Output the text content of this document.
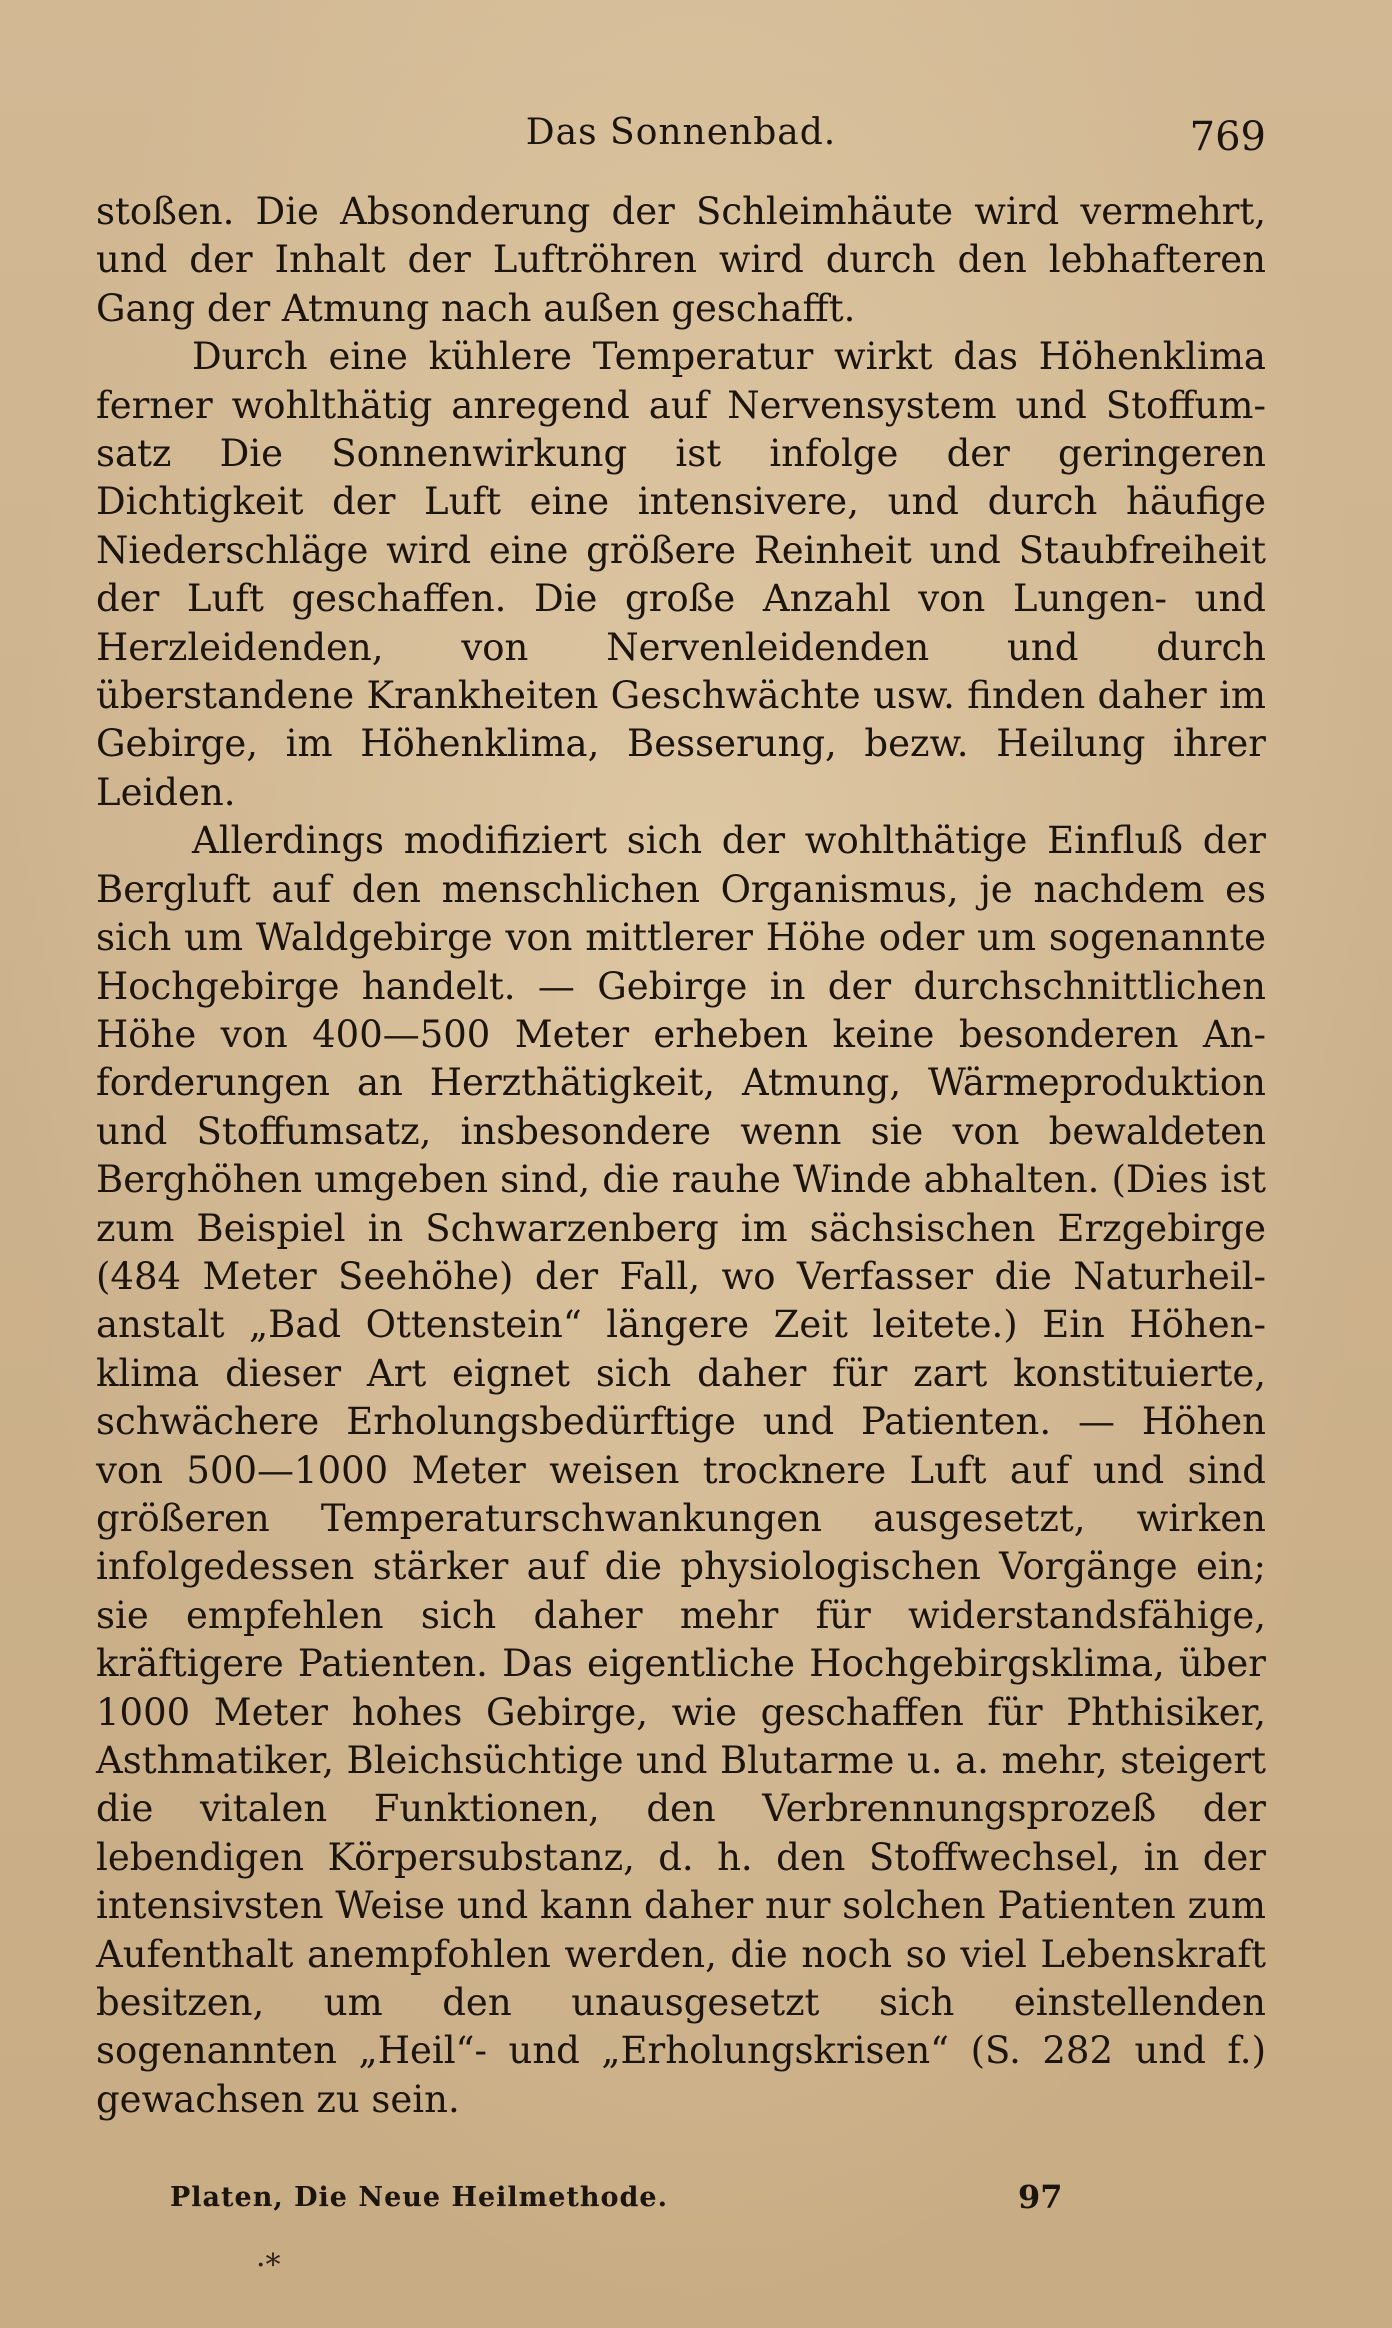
Das Sonnenbad.	769

stoßen. Die Absonderung der Schleimhäute wird vermehrt, und der Inhalt der Luftröhren wird durch den lebhafteren Gang der Atmung nach außen geschafft.

Durch eine kühlere Temperatur wirkt das Höhenklima ferner wohlthätig anregend auf Nervensystem und Stoffumsatz Die Sonnenwirkung ist infolge der geringeren Dichtigkeit der Luft eine intensivere, und durch häufige Niederschläge wird eine größere Reinheit und Staubfreiheit der Luft geschaffen. Die große Anzahl von Lungen- und Herzleidenden, von Nervenleidenden und durch überstandene Krankheiten Geschwächte usw. finden daher im Gebirge, im Höhenklima, Besserung, bezw. Heilung ihrer Leiden.

Allerdings modifiziert sich der wohlthätige Einfluß der Bergluft auf den menschlichen Organismus, je nachdem es sich um Waldgebirge von mittlerer Höhe oder um sogenannte Hochgebirge handelt. — Gebirge in der durchschnittlichen Höhe von 400—500 Meter erheben keine besonderen Anforderungen an Herzthätigkeit, Atmung, Wärmeproduktion und Stoffumsatz, insbesondere wenn sie von bewaldeten Berghöhen umgeben sind, die rauhe Winde abhalten. (Dies ist zum Beispiel in Schwarzenberg im sächsischen Erzgebirge (484 Meter Seehöhe) der Fall, wo Verfasser die Naturheilanstalt „Bad Ottenstein“ längere Zeit leitete.) Ein Höhenklima dieser Art eignet sich daher für zart konstituierte, schwächere Erholungsbedürftige und Patienten. — Höhen von 500—1000 Meter weisen trocknere Luft auf und sind größeren Temperaturschwankungen ausgesetzt, wirken infolgedessen stärker auf die physiologischen Vorgänge ein; sie empfehlen sich daher mehr für widerstandsfähige, kräftigere Patienten. Das eigentliche Hochgebirgsklima, über 1000 Meter hohes Gebirge, wie geschaffen für Phthisiker, Asthmatiker, Bleichsüchtige und Blutarme u. a. mehr, steigert die vitalen Funktionen, den Verbrennungsprozeß der lebendigen Körpersubstanz, d. h. den Stoffwechsel, in der intensivsten Weise und kann daher nur solchen Patienten zum Aufenthalt anempfohlen werden, die noch so viel Lebenskraft besitzen, um den unausgesetzt sich einstellenden sogenannten „Heil“- und „Erholungskrisen“ (S. 282 und f.) gewachsen zu sein.

Platen, Die Neue Heilmethode.	97
·*
